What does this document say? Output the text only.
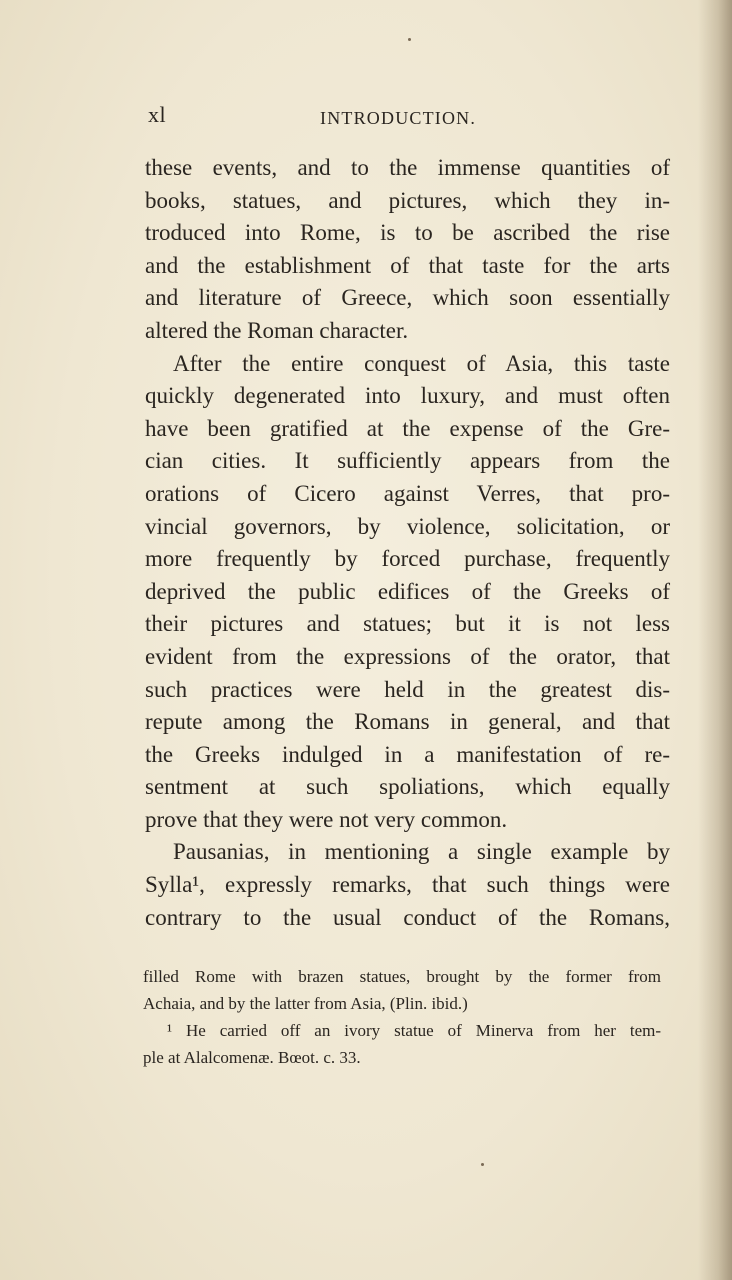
xl	INTRODUCTION.
these events, and to the immense quantities of
books, statues, and pictures, which they in-
troduced into Rome, is to be ascribed the rise
and the establishment of that taste for the arts
and literature of Greece, which soon essentially
altered the Roman character.
After the entire conquest of Asia, this taste
quickly degenerated into luxury, and must often
have been gratified at the expense of the Gre-
cian cities. It sufficiently appears from the
orations of Cicero against Verres, that pro-
vincial governors, by violence, solicitation, or
more frequently by forced purchase, frequently
deprived the public edifices of the Greeks of
their pictures and statues; but it is not less
evident from the expressions of the orator, that
such practices were held in the greatest dis-
repute among the Romans in general, and that
the Greeks indulged in a manifestation of re-
sentment at such spoliations, which equally
prove that they were not very common.
Pausanias, in mentioning a single example by
Sylla¹, expressly remarks, that such things were
contrary to the usual conduct of the Romans,
filled Rome with brazen statues, brought by the former from
Achaia, and by the latter from Asia, (Plin. ibid.)
¹ He carried off an ivory statue of Minerva from her tem-
ple at Alalcomenæ. Bœot. c. 33.
